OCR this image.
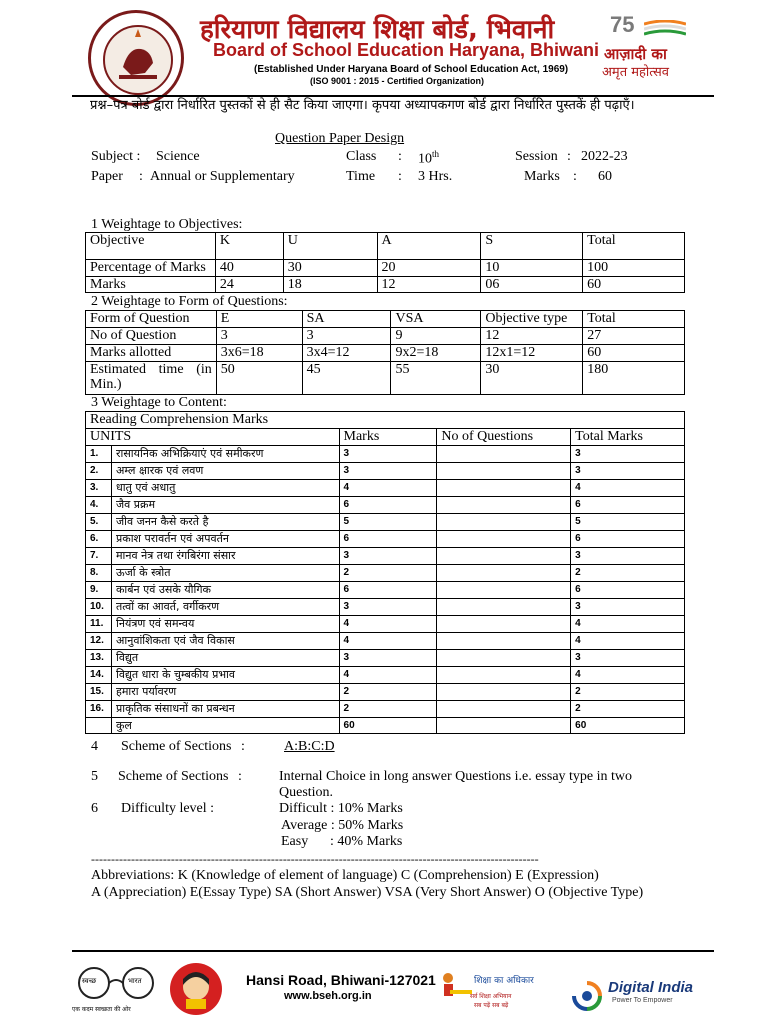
हरियाणा विद्यालय शिक्षा बोर्ड, भिवानी
Board of School Education Haryana, Bhiwani
(Established Under Haryana Board of School Education Act, 1969)
(ISO 9001 : 2015 - Certified Organization)
75
आज़ादी का
अमृत महोत्सव
प्रश्न–पत्र बोर्ड द्वारा निर्धारित पुस्तकों से ही सैट किया जाएगा। कृपया अध्यापकगण बोर्ड द्वारा निर्धारित पुस्तकें ही पढ़ाएँ।
Question Paper Design
Subject : Science	Class : 10th	Session : 2022-23
Paper : Annual or Supplementary	Time : 3 Hrs.	Marks : 60
1 Weightage to Objectives:
Objective	K	U	A	S	Total
Percentage of Marks	40	30	20	10	100
Marks	24	18	12	06	60
2 Weightage to Form of Questions:
Form of Question	E	SA	VSA	Objective type	Total
No of Question	3	3	9	12	27
Marks allotted	3x6=18	3x4=12	9x2=18	12x1=12	60
Estimated time (in Min.)	50	45	55	30	180
3 Weightage to Content:
Reading Comprehension Marks				
UNITS		Marks	No of Questions	Total Marks
1.	रासायनिक अभिक्रियाएं एवं समीकरण	3		3
2.	अम्ल क्षारक एवं लवण	3		3
3.	धातु एवं अधातु	4		4
4.	जैव प्रक्रम	6		6
5.	जीव जनन कैसे करते है	5		5
6.	प्रकाश परावर्तन एवं अपवर्तन	6		6
7.	मानव नेत्र तथा रंगबिरंगा संसार	3		3
8.	ऊर्जा के स्त्रोत	2		2
9.	कार्बन एवं उसके यौगिक	6		6
10.	तत्वों का आवर्त, वर्गीकरण	3		3
11.	नियंत्रण एवं समन्वय	4		4
12.	आनुवांशिकता एवं जैव विकास	4		4
13.	विद्युत	3		3
14.	विद्युत धारा के चुम्बकीय प्रभाव	4		4
15.	हमारा पर्यावरण	2		2
16.	प्राकृतिक संसाधनों का प्रबन्धन	2		2
	कुल	60		60
4 Scheme of Sections :	A:B:C:D
5 Scheme of Sections :	Internal Choice in long answer Questions i.e. essay type in two
Question.
6 Difficulty level :	Difficult : 10% Marks
Average : 50% Marks
Easy : 40% Marks
----------------------------------------------------------------------------------------------------------------
Abbreviations: K (Knowledge of element of language) C (Comprehension) E (Expression)
A (Appreciation) E(Essay Type) SA (Short Answer) VSA (Very Short Answer) O (Objective Type)
स्वच्छ	भारत
एक कदम स्वच्छता की ओर
Hansi Road, Bhiwani-127021
www.bseh.org.in
शिक्षा का अधिकार
सर्व शिक्षा अभियान
सब पढ़ें सब बढ़ें
Digital India
Power To Empower
